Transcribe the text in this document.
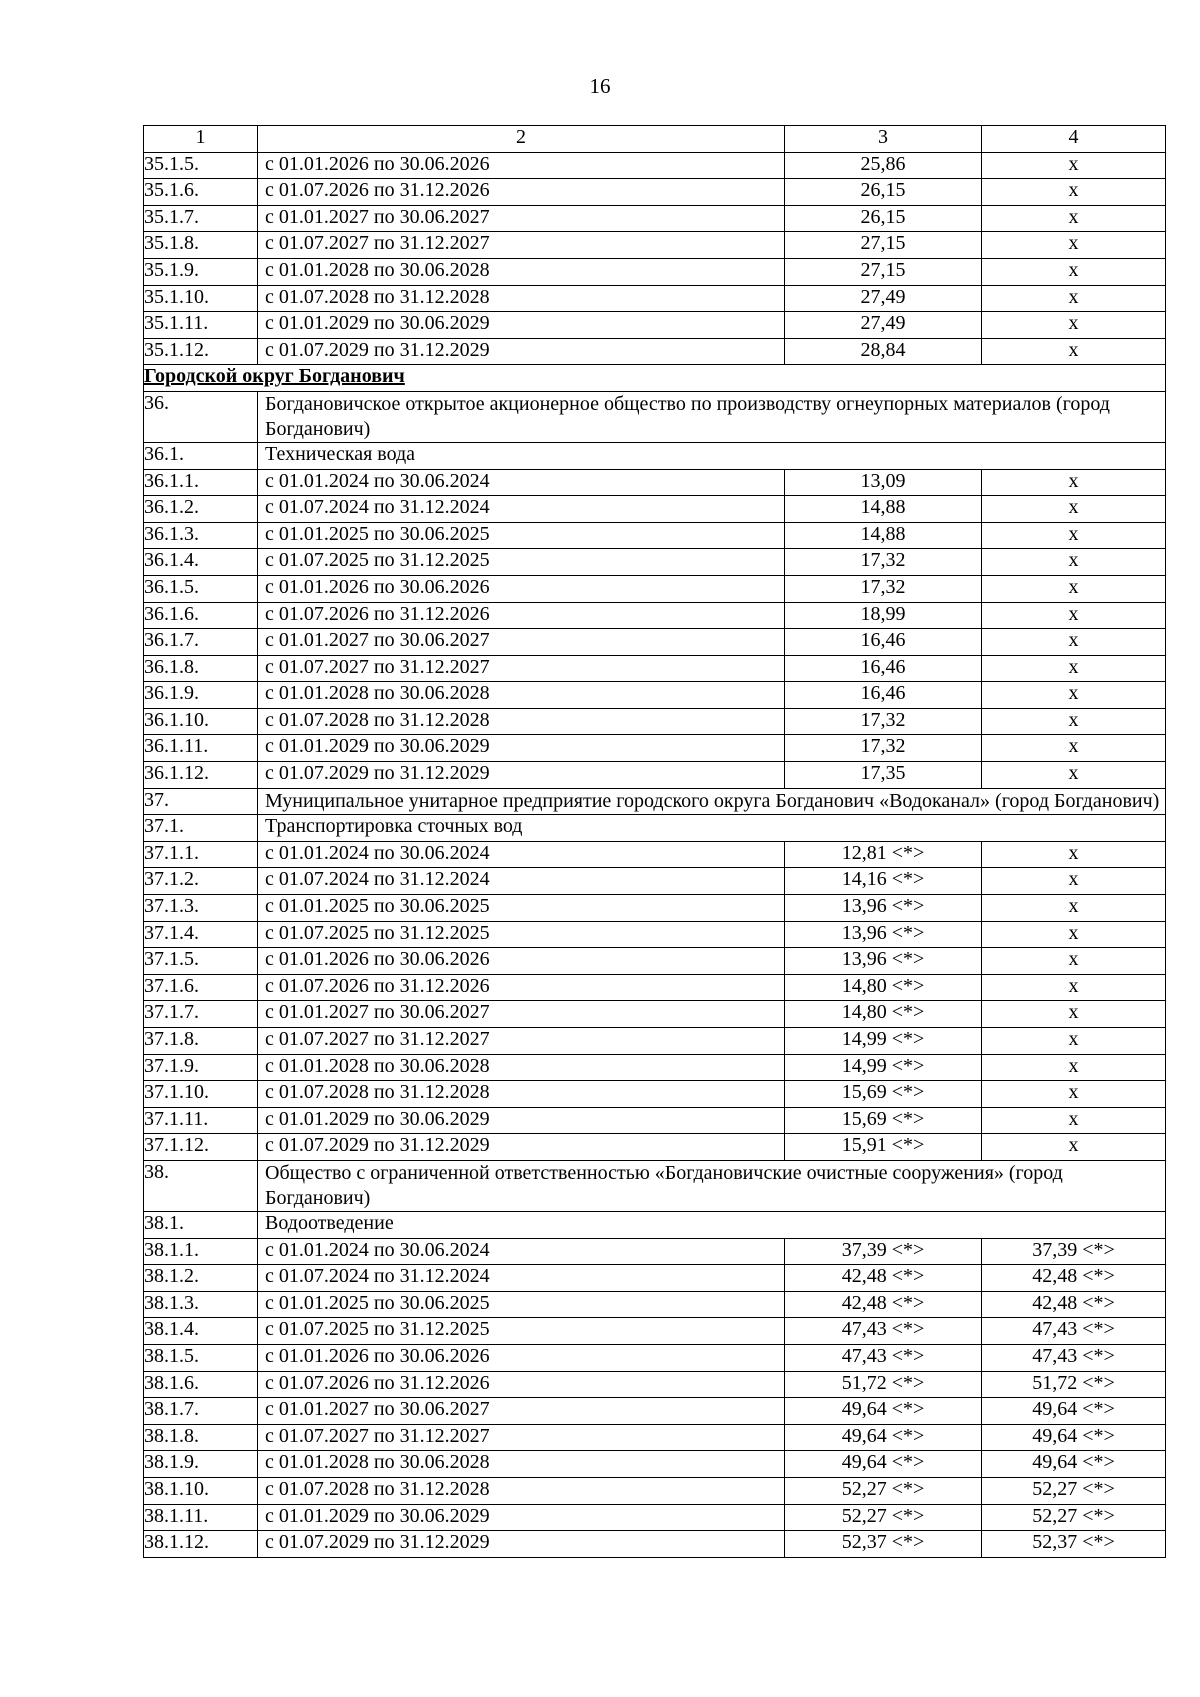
16
1	2	3	4
35.1.5.	с 01.01.2026 по 30.06.2026	25,86	х
35.1.6.	с 01.07.2026 по 31.12.2026	26,15	х
35.1.7.	с 01.01.2027 по 30.06.2027	26,15	х
35.1.8.	с 01.07.2027 по 31.12.2027	27,15	х
35.1.9.	с 01.01.2028 по 30.06.2028	27,15	х
35.1.10.	с 01.07.2028 по 31.12.2028	27,49	х
35.1.11.	с 01.01.2029 по 30.06.2029	27,49	х
35.1.12.	с 01.07.2029 по 31.12.2029	28,84	х
Городской округ Богданович			
36.	Богдановичское открытое акционерное общество по производству огнеупорных материалов (город Богданович)		
36.1.	Техническая вода		
36.1.1.	с 01.01.2024 по 30.06.2024	13,09	х
36.1.2.	с 01.07.2024 по 31.12.2024	14,88	х
36.1.3.	с 01.01.2025 по 30.06.2025	14,88	х
36.1.4.	с 01.07.2025 по 31.12.2025	17,32	х
36.1.5.	с 01.01.2026 по 30.06.2026	17,32	х
36.1.6.	с 01.07.2026 по 31.12.2026	18,99	х
36.1.7.	с 01.01.2027 по 30.06.2027	16,46	х
36.1.8.	с 01.07.2027 по 31.12.2027	16,46	х
36.1.9.	с 01.01.2028 по 30.06.2028	16,46	х
36.1.10.	с 01.07.2028 по 31.12.2028	17,32	х
36.1.11.	с 01.01.2029 по 30.06.2029	17,32	х
36.1.12.	с 01.07.2029 по 31.12.2029	17,35	х
37.	Муниципальное унитарное предприятие городского округа Богданович «Водоканал» (город Богданович)		
37.1.	Транспортировка сточных вод		
37.1.1.	с 01.01.2024 по 30.06.2024	12,81 <*>	х
37.1.2.	с 01.07.2024 по 31.12.2024	14,16 <*>	х
37.1.3.	с 01.01.2025 по 30.06.2025	13,96 <*>	х
37.1.4.	с 01.07.2025 по 31.12.2025	13,96 <*>	х
37.1.5.	с 01.01.2026 по 30.06.2026	13,96 <*>	х
37.1.6.	с 01.07.2026 по 31.12.2026	14,80 <*>	х
37.1.7.	с 01.01.2027 по 30.06.2027	14,80 <*>	х
37.1.8.	с 01.07.2027 по 31.12.2027	14,99 <*>	х
37.1.9.	с 01.01.2028 по 30.06.2028	14,99 <*>	х
37.1.10.	с 01.07.2028 по 31.12.2028	15,69 <*>	х
37.1.11.	с 01.01.2029 по 30.06.2029	15,69 <*>	х
37.1.12.	с 01.07.2029 по 31.12.2029	15,91 <*>	х
38.	Общество с ограниченной ответственностью «Богдановичские очистные сооружения» (город Богданович)		
38.1.	Водоотведение		
38.1.1.	с 01.01.2024 по 30.06.2024	37,39 <*>	37,39 <*>
38.1.2.	с 01.07.2024 по 31.12.2024	42,48 <*>	42,48 <*>
38.1.3.	с 01.01.2025 по 30.06.2025	42,48 <*>	42,48 <*>
38.1.4.	с 01.07.2025 по 31.12.2025	47,43 <*>	47,43 <*>
38.1.5.	с 01.01.2026 по 30.06.2026	47,43 <*>	47,43 <*>
38.1.6.	с 01.07.2026 по 31.12.2026	51,72 <*>	51,72 <*>
38.1.7.	с 01.01.2027 по 30.06.2027	49,64 <*>	49,64 <*>
38.1.8.	с 01.07.2027 по 31.12.2027	49,64 <*>	49,64 <*>
38.1.9.	с 01.01.2028 по 30.06.2028	49,64 <*>	49,64 <*>
38.1.10.	с 01.07.2028 по 31.12.2028	52,27 <*>	52,27 <*>
38.1.11.	с 01.01.2029 по 30.06.2029	52,27 <*>	52,27 <*>
38.1.12.	с 01.07.2029 по 31.12.2029	52,37 <*>	52,37 <*>
